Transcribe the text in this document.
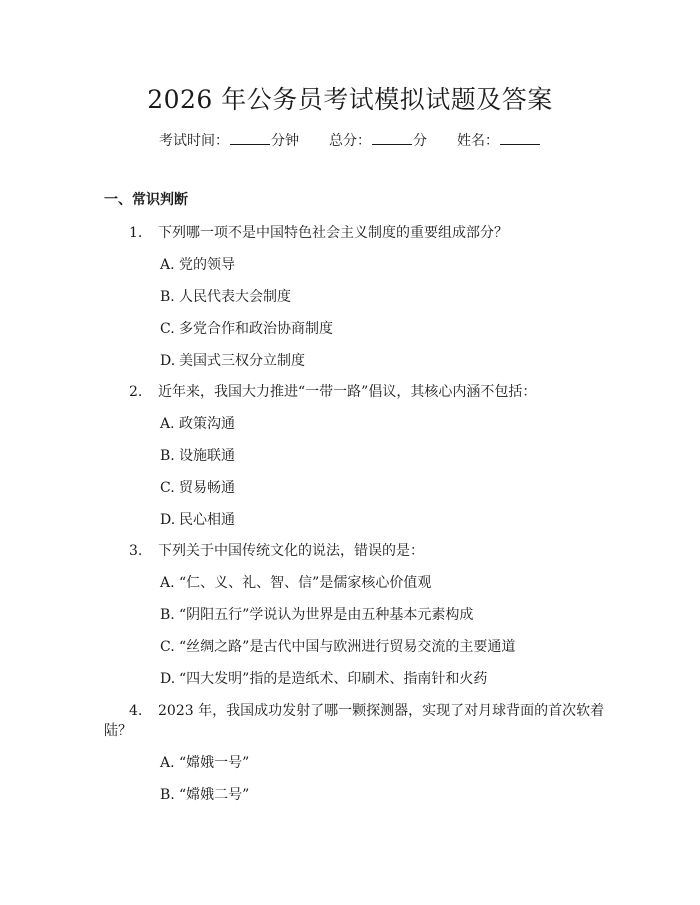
2026 年公务员考试模拟试题及答案
考试时间：	分钟 总分：	分 姓名：
一、常识判断
1.	下列哪一项不是中国特色社会主义制度的重要组成部分？
A. 党的领导
B. 人民代表大会制度
C. 多党合作和政治协商制度
D. 美国式三权分立制度
2.	近年来，我国大力推进“一带一路”倡议，其核心内涵不包括：
A. 政策沟通
B. 设施联通
C. 贸易畅通
D. 民心相通
3.	下列关于中国传统文化的说法，错误的是：
A. “仁、义、礼、智、信”是儒家核心价值观
B. “阴阳五行”学说认为世界是由五种基本元素构成
C. “丝绸之路”是古代中国与欧洲进行贸易交流的主要通道
D. “四大发明”指的是造纸术、印刷术、指南针和火药
4.	2023 年，我国成功发射了哪一颗探测器，实现了对月球背面的首次软着
陆？
A. “嫦娥一号”
B. “嫦娥二号”
